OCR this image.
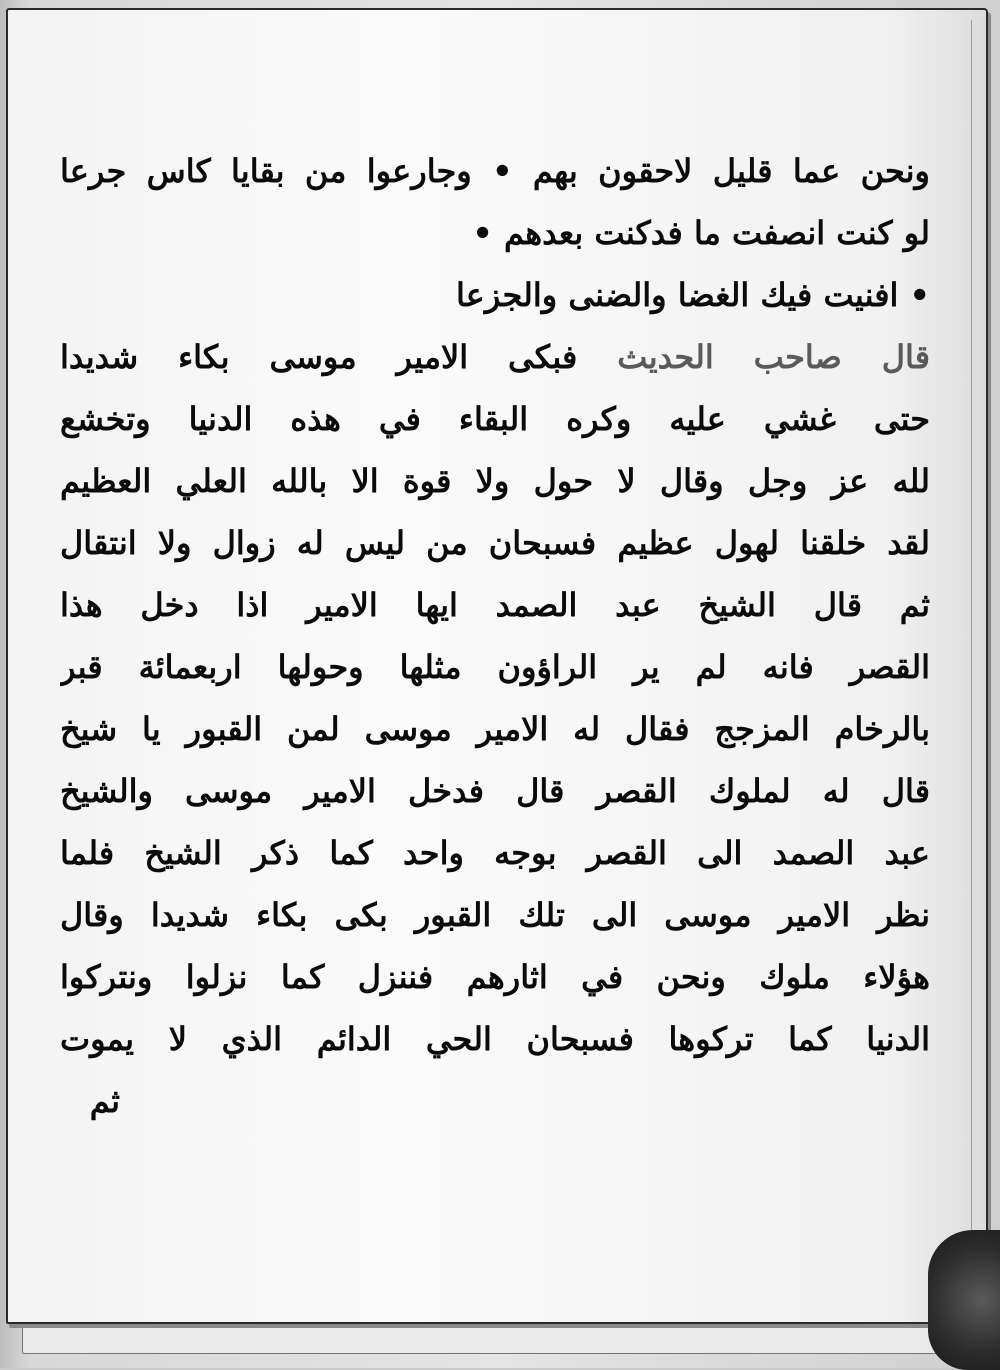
ونحن عما قليل لاحقون بهم • وجارعوا من بقايا كاس جرعا
لو كنت انصفت ما فدكنت بعدهم •
• افنيت فيك الغضا والضنى والجزعا
قال صاحب الحديث فبكى الامير موسى بكاء شديدا
حتى غشي عليه وكره البقاء في هذه الدنيا وتخشع
لله عز وجل وقال لا حول ولا قوة الا بالله العلي العظيم
لقد خلقنا لهول عظيم فسبحان من ليس له زوال ولا انتقال
ثم قال الشيخ عبد الصمد ايها الامير اذا دخل هذا
القصر فانه لم ير الراؤون مثلها وحولها اربعمائة قبر
بالرخام المزجج فقال له الامير موسى لمن القبور يا شيخ
قال له لملوك القصر قال فدخل الامير موسى والشيخ
عبد الصمد الى القصر بوجه واحد كما ذكر الشيخ فلما
نظر الامير موسى الى تلك القبور بكى بكاء شديدا وقال
هؤلاء ملوك ونحن في اثارهم فننزل كما نزلوا ونتركوا
الدنيا كما تركوها فسبحان الحي الدائم الذي لا يموت
ثم
